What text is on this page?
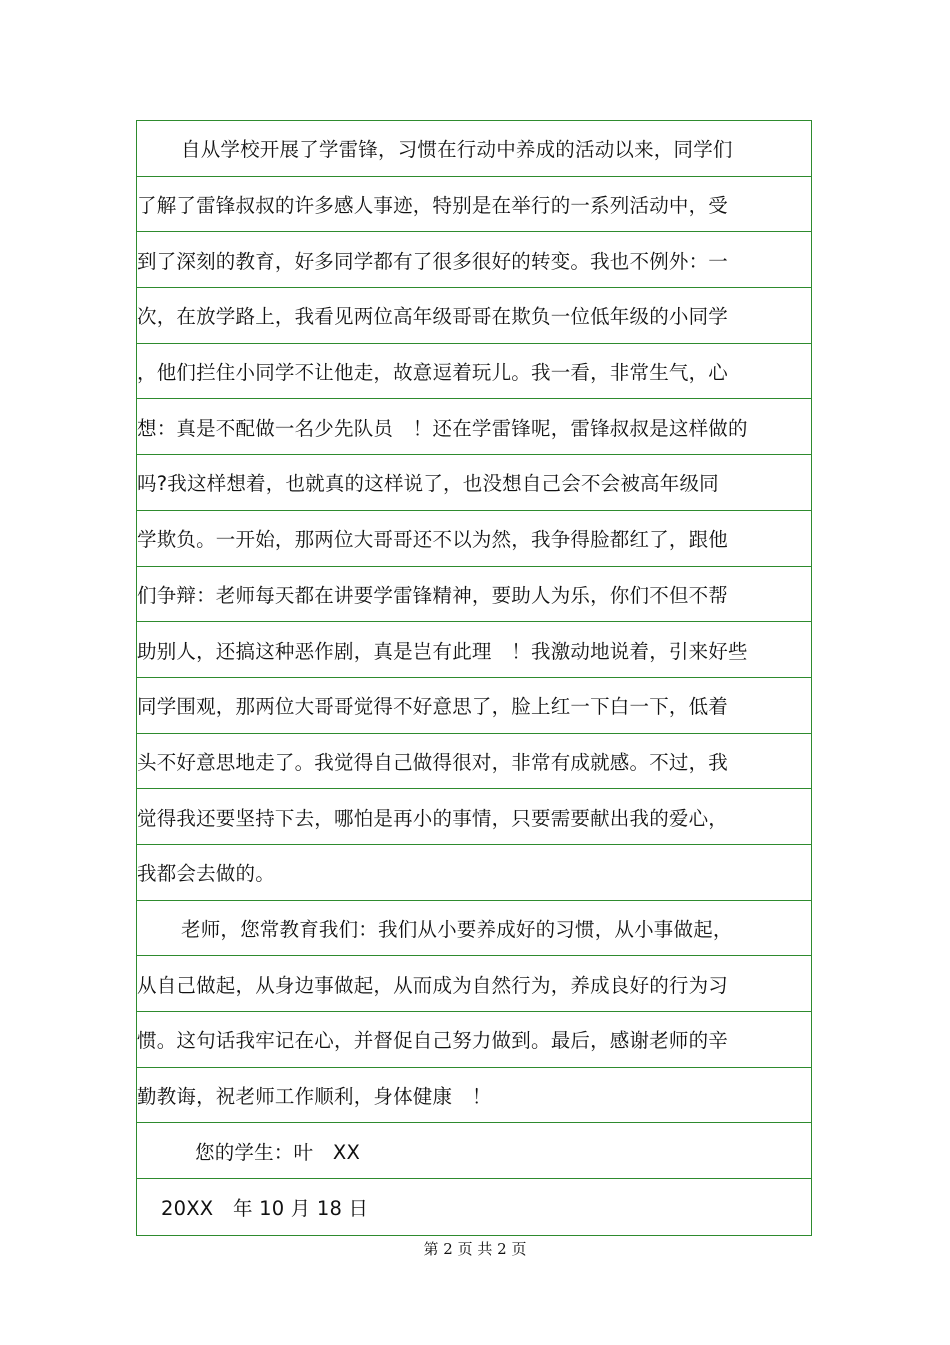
自从学校开展了学雷锋，习惯在行动中养成的活动以来，同学们
了解了雷锋叔叔的许多感人事迹，特别是在举行的一系列活动中，受
到了深刻的教育，好多同学都有了很多很好的转变。我也不例外：一
次，在放学路上，我看见两位高年级哥哥在欺负一位低年级的小同学
，他们拦住小同学不让他走，故意逗着玩儿。我一看，非常生气，心
想：真是不配做一名少先队员　！还在学雷锋呢，雷锋叔叔是这样做的
吗?我这样想着，也就真的这样说了，也没想自己会不会被高年级同
学欺负。一开始，那两位大哥哥还不以为然，我争得脸都红了，跟他
们争辩：老师每天都在讲要学雷锋精神，要助人为乐，你们不但不帮
助别人，还搞这种恶作剧，真是岂有此理　！我激动地说着，引来好些
同学围观，那两位大哥哥觉得不好意思了，脸上红一下白一下，低着
头不好意思地走了。我觉得自己做得很对，非常有成就感。不过，我
觉得我还要坚持下去，哪怕是再小的事情，只要需要献出我的爱心，
我都会去做的。
老师，您常教育我们：我们从小要养成好的习惯，从小事做起，
从自己做起，从身边事做起，从而成为自然行为，养成良好的行为习
惯。这句话我牢记在心，并督促自己努力做到。最后，感谢老师的辛
勤教诲，祝老师工作顺利，身体健康　！
您的学生：叶　XX
20XX　年 10 月 18 日
第 2 页 共 2 页
